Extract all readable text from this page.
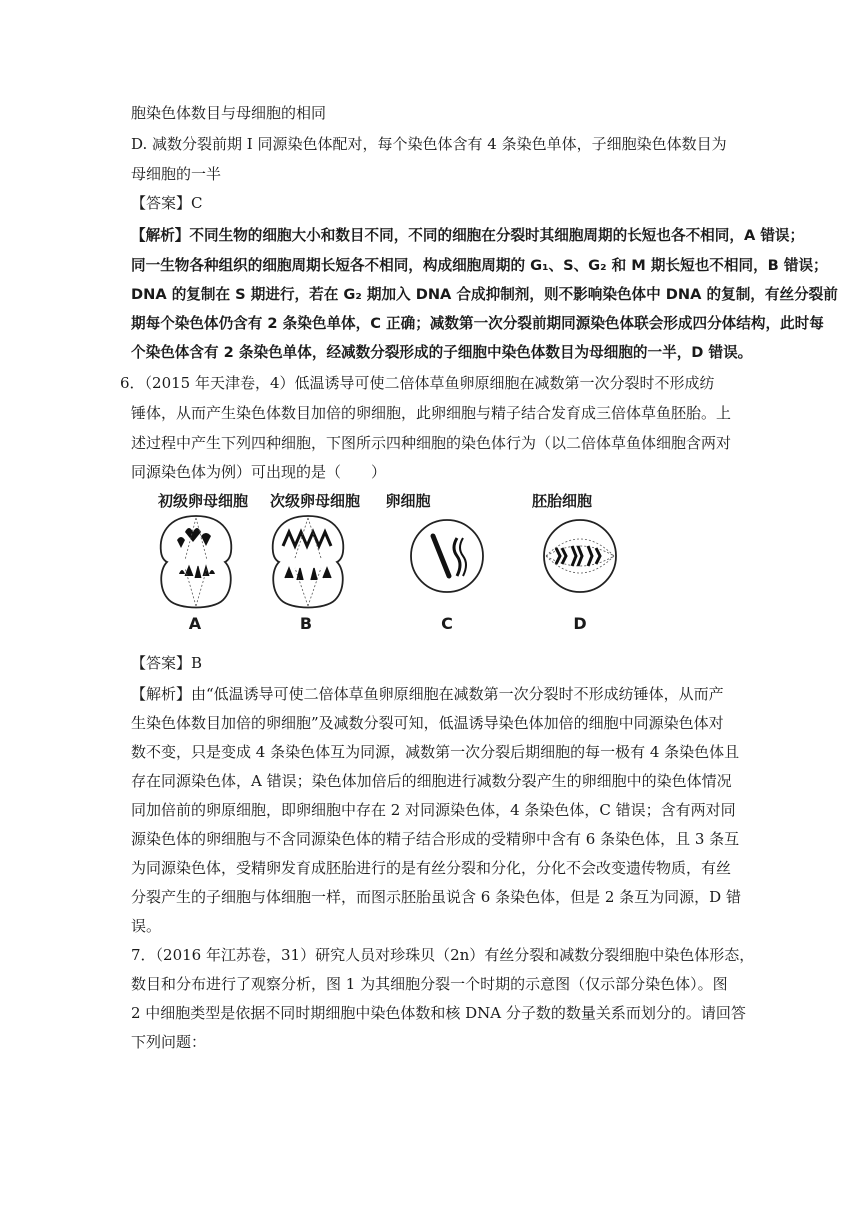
胞染色体数目与母细胞的相同
D. 减数分裂前期 I 同源染色体配对，每个染色体含有 4 条染色单体，子细胞染色体数目为
母细胞的一半
【答案】C
【解析】不同生物的细胞大小和数目不同，不同的细胞在分裂时其细胞周期的长短也各不相同，A 错误；
同一生物各种组织的细胞周期长短各不相同，构成细胞周期的 G₁、S、G₂ 和 M 期长短也不相同，B 错误；
DNA 的复制在 S 期进行，若在 G₂ 期加入 DNA 合成抑制剂，则不影响染色体中 DNA 的复制，有丝分裂前
期每个染色体仍含有 2 条染色单体，C 正确；减数第一次分裂前期同源染色体联会形成四分体结构，此时每
个染色体含有 2 条染色单体，经减数分裂形成的子细胞中染色体数目为母细胞的一半，D 错误。
6．（2015 年天津卷，4）低温诱导可使二倍体草鱼卵原细胞在减数第一次分裂时不形成纺
锤体，从而产生染色体数目加倍的卵细胞，此卵细胞与精子结合发育成三倍体草鱼胚胎。上
述过程中产生下列四种细胞，下图所示四种细胞的染色体行为（以二倍体草鱼体细胞含两对
同源染色体为例）可出现的是（　　）
初级卵母细胞	次级卵母细胞	卵细胞	胚胎细胞
A	B	C	D
【答案】B
【解析】由“低温诱导可使二倍体草鱼卵原细胞在减数第一次分裂时不形成纺锤体，从而产
生染色体数目加倍的卵细胞”及减数分裂可知，低温诱导染色体加倍的细胞中同源染色体对
数不变，只是变成 4 条染色体互为同源，减数第一次分裂后期细胞的每一极有 4 条染色体且
存在同源染色体，A 错误；染色体加倍后的细胞进行减数分裂产生的卵细胞中的染色体情况
同加倍前的卵原细胞，即卵细胞中存在 2 对同源染色体，4 条染色体，C 错误；含有两对同
源染色体的卵细胞与不含同源染色体的精子结合形成的受精卵中含有 6 条染色体，且 3 条互
为同源染色体，受精卵发育成胚胎进行的是有丝分裂和分化，分化不会改变遗传物质，有丝
分裂产生的子细胞与体细胞一样，而图示胚胎虽说含 6 条染色体，但是 2 条互为同源，D 错
误。
7．（2016 年江苏卷，31）研究人员对珍珠贝（2n）有丝分裂和减数分裂细胞中染色体形态，
数目和分布进行了观察分析，图 1 为其细胞分裂一个时期的示意图（仅示部分染色体）。图
2 中细胞类型是依据不同时期细胞中染色体数和核 DNA 分子数的数量关系而划分的。请回答
下列问题：
